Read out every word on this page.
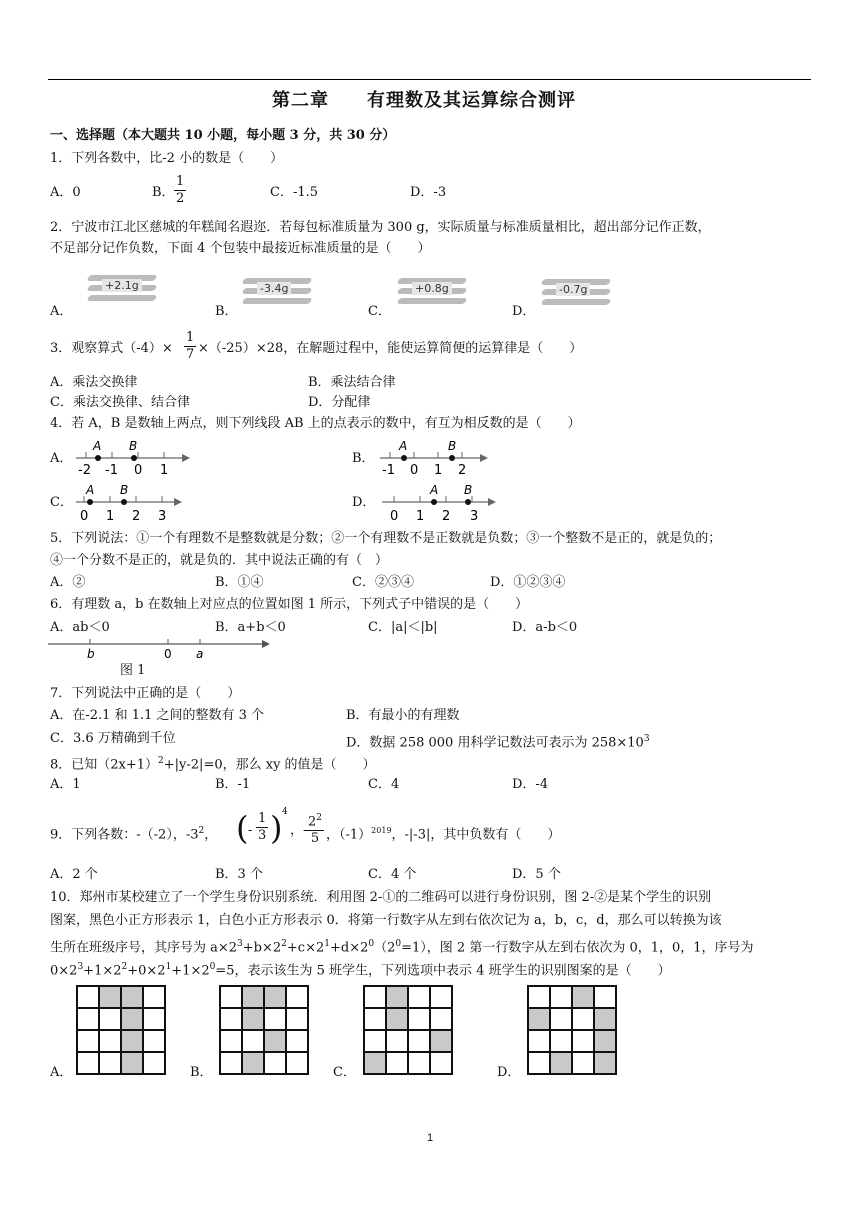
第二章　　有理数及其运算综合测评
一、选择题（本大题共 10 小题，每小题 3 分，共 30 分）
1．下列各数中，比-2 小的数是（　　）
A．0	B． $\frac{1}{2}$	C．-1.5	D．-3
2．宁波市江北区慈城的年糕闻名遐迩．若每包标准质量为 300 g，实际质量与标准质量相比，超出部分记作正数，
不足部分记作负数，下面 4 个包装中最接近标准质量的是（　　）
A．	B．	C．	D．
+2.1g	-3.4g	+0.8g	-0.7g
3．观察算式$(-4)\times \frac{1}{7} \times(-25)\times 28$，在解题过程中，能使运算简便的运算律是（　　）
A．乘法交换律	B．乘法结合律
C．乘法交换律、结合律	D．分配律
4．若 A，B 是数轴上两点，则下列线段 AB 上的点表示的数中，有互为相反数的是（　　）
A．	B．
C．	D．
A B
-2 -1 0 1
A	B
-1 0 1 2
A B
0 1 2 3
A B
0 1 2 3
5．下列说法：①一个有理数不是整数就是分数；②一个有理数不是正数就是负数；③一个整数不是正的，就是负的；
④一个分数不是正的，就是负的．其中说法正确的有（　）
A．②	B．①④	C．②③④	D．①②③④
6．有理数 a，b 在数轴上对应点的位置如图 1 所示，下列式子中错误的是（　　）
A．ab＜0	B．a+b＜0	C．|a|＜|b|	D．a-b＜0
b	0 a
图 1
7．下列说法中正确的是（　　）
A．在-2.1 和 1.1 之间的整数有 3 个	B．有最小的有理数
C．3.6 万精确到千位	D．数据 258 000 用科学记数法可表示为 $258\times 10^3$
8．已知$(2x+1)^2+|y-2|=0$，那么 xy 的值是（　　）
A．1	B．-1	C．4	D．-4
9．下列各数：-（-2），$-3^2$， ( - $\frac{1}{3}$ ) 4
，-
$\frac{2^2}{5}$ ，$(-1)^{2019}$，-|-3|，其中负数有（　　）
A．2 个	B．3 个	C．4 个	D．5 个
10．郑州市某校建立了一个学生身份识别系统．利用图 2-①的二维码可以进行身份识别，图 2-②是某个学生的识别
图案，黑色小正方形表示 1，白色小正方形表示 0．将第一行数字从左到右依次记为 a，b，c，d，那么可以转换为该
生所在班级序号，其序号为 $a\times 2^3+b\times 2^2+c\times 2^1+d\times 2^0(2^0=1)$，图 2 第一行数字从左到右依次为 0，1，0，1，序号为
$0\times 2^3+1\times 2^2+0\times 2^1+1\times 2^0=5$，表示该生为 5 班学生，下列选项中表示 4 班学生的识别图案的是（　　）
A．	B．	C．	D．
1
